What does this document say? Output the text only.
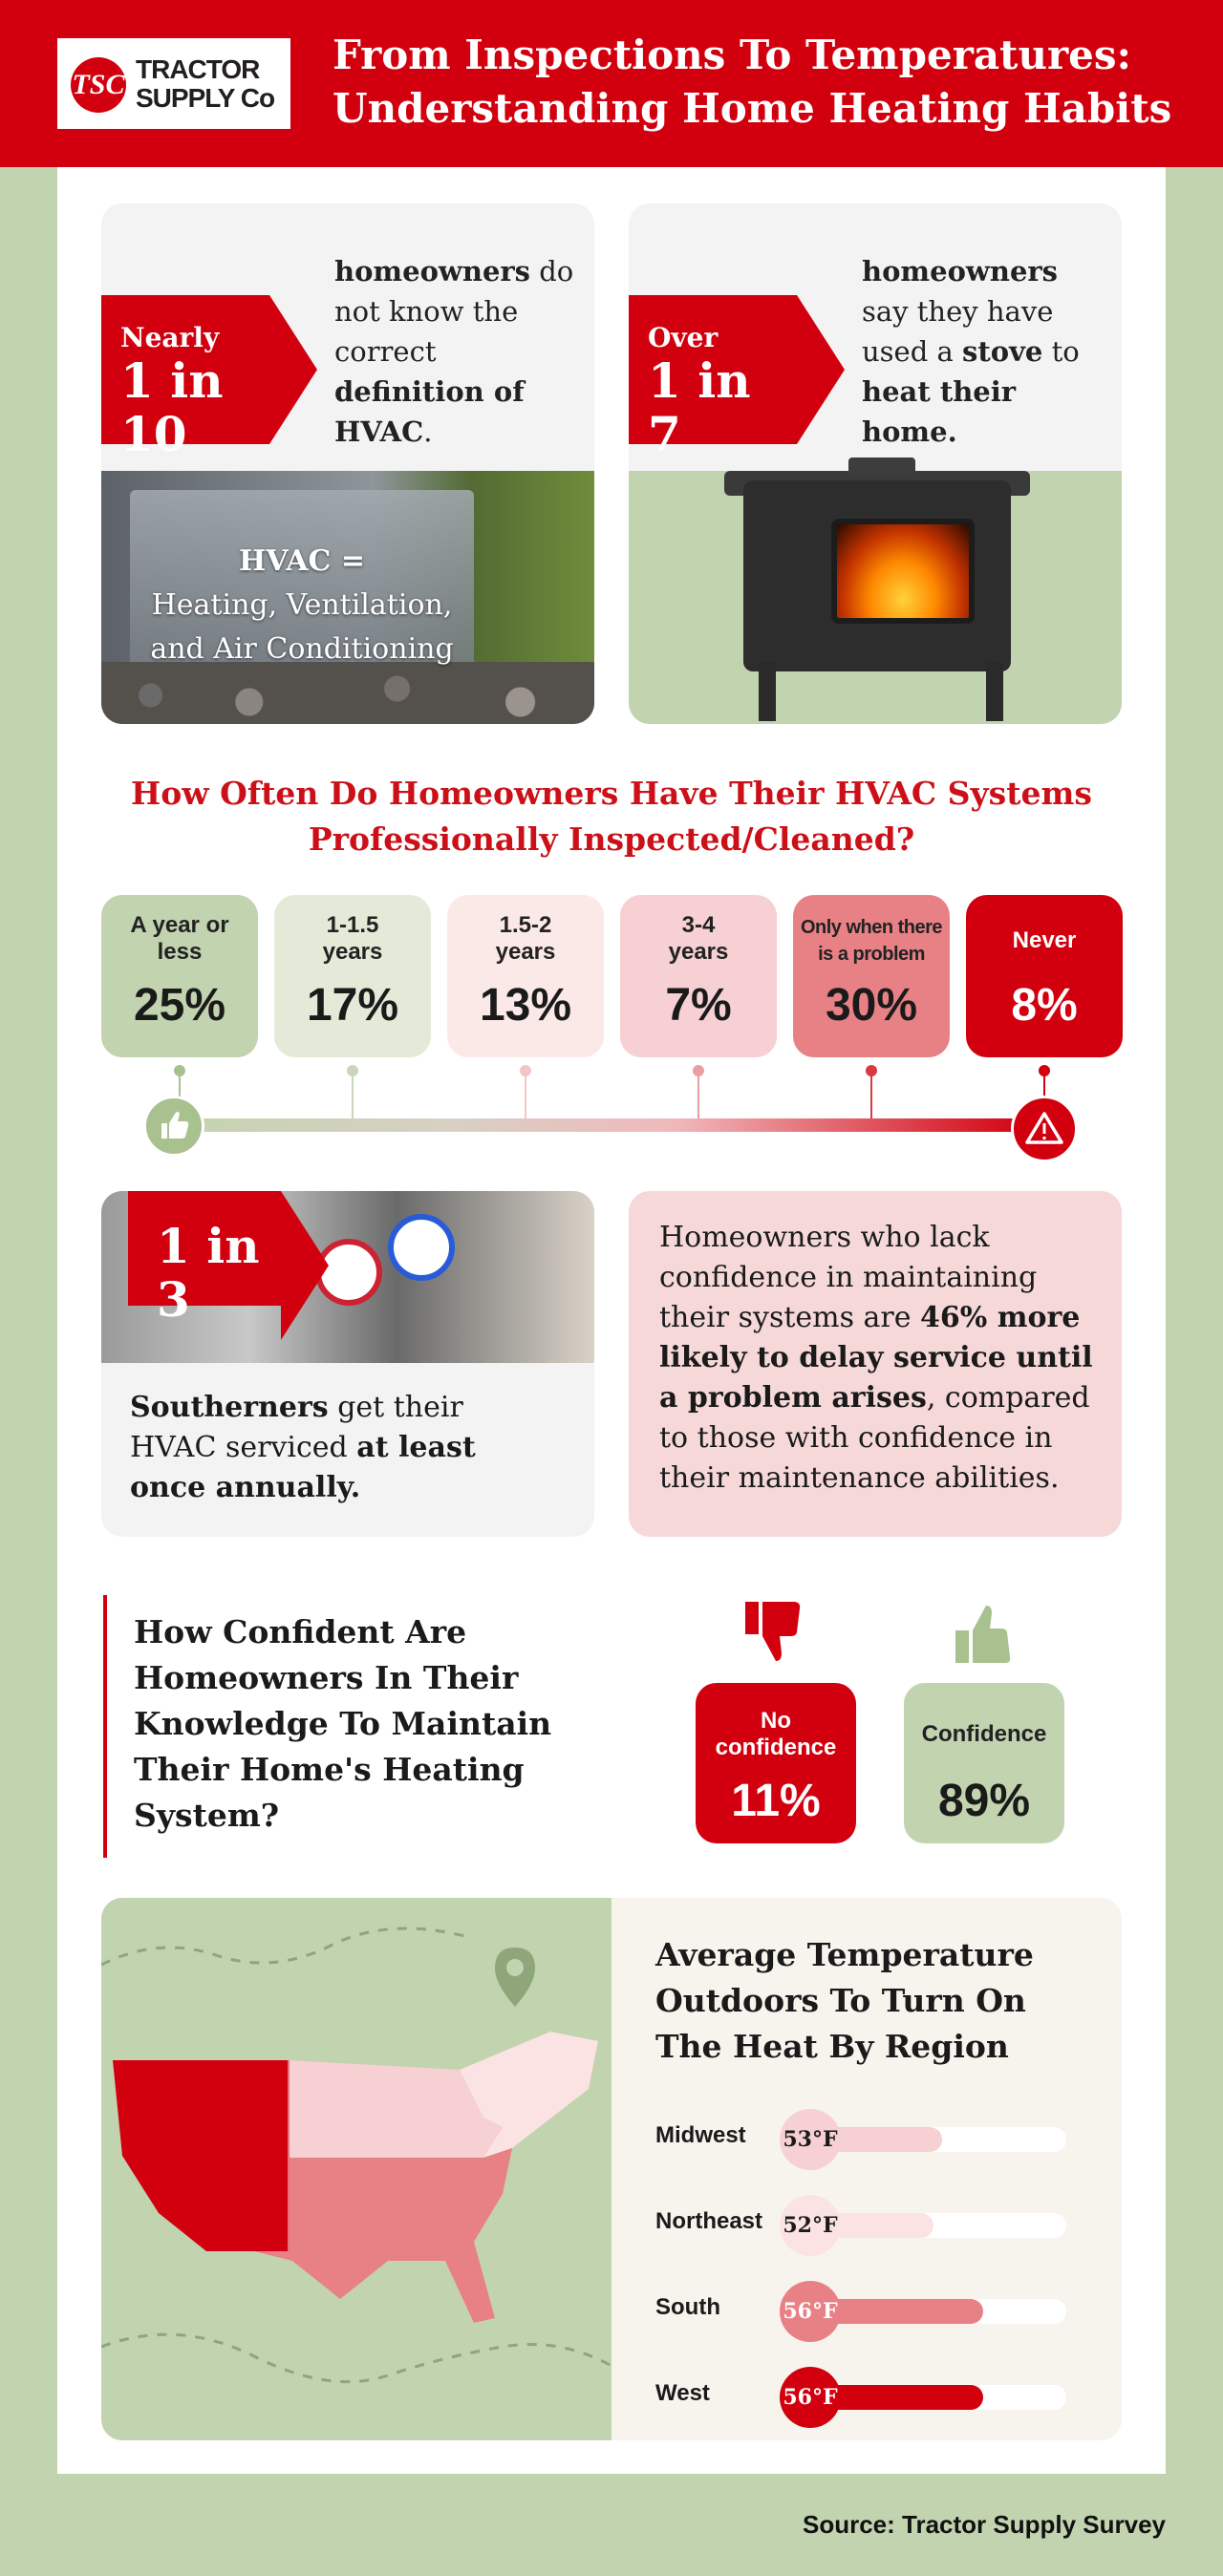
TSC TRACTOR
SUPPLY Co
From Inspections To Temperatures:
Understanding Home Heating Habits
Nearly
1 in 10
homeowners do not know the correct definition of HVAC.
HVAC =
Heating, Ventilation,
and Air Conditioning
Over
1 in 7
homeowners say they have used a stove to heat their home.
How Often Do Homeowners Have Their HVAC Systems
Professionally Inspected/Cleaned?
A year or less
25%
1-1.5 years
17%
1.5-2 years
13%
3-4 years
7%
Only when there is a problem
30%
Never
8%
1 in 3
Southerners get their HVAC serviced at least once annually.
Homeowners who lack confidence in maintaining their systems are 46% more likely to delay service until a problem arises, compared to those with confidence in their maintenance abilities.
How Confident Are Homeowners In Their Knowledge To Maintain Their Home's Heating System?
No confidence
11%
Confidence
89%
Average Temperature Outdoors To Turn On The Heat By Region
Midwest	53°F
Northeast 52°F
South	56°F
West	56°F
Source: Tractor Supply Survey
